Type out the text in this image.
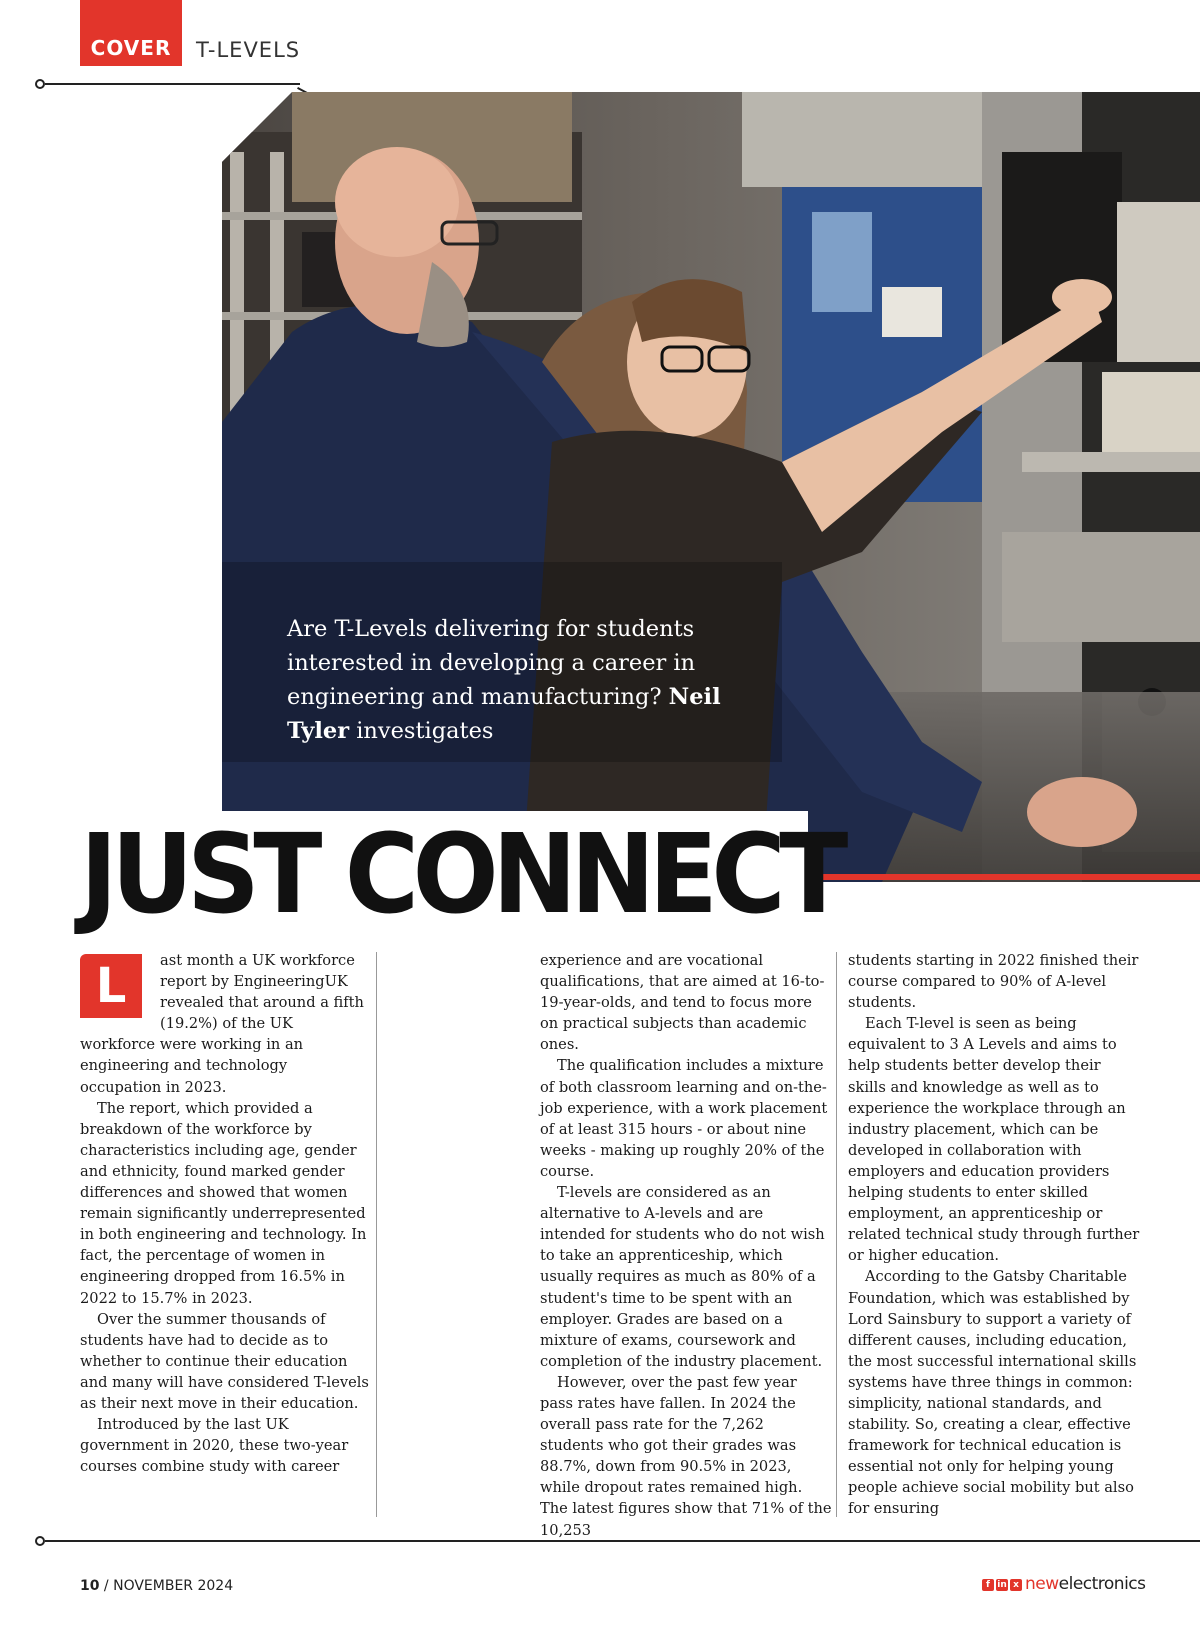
COVER T-LEVELS
Are T-Levels delivering for students interested in developing a career in engineering and manufacturing? Neil Tyler investigates
JUST CONNECT
L	ast month a UK workforce report by EngineeringUK revealed that around a fifth (19.2%) of the UK workforce were working in an engineering and technology occupation in 2023.

The report, which provided a breakdown of the workforce by characteristics including age, gender and ethnicity, found marked gender differences and showed that women remain significantly underrepresented in both engineering and technology. In fact, the percentage of women in engineering dropped from 16.5% in 2022 to 15.7% in 2023.

Over the summer thousands of students have had to decide as to whether to continue their education and many will have considered T-levels as their next move in their education.

Introduced by the last UK government in 2020, these two-year courses combine study with career

experience and are vocational qualifications, that are aimed at 16-to-19-year-olds, and tend to focus more on practical subjects than academic ones.

The qualification includes a mixture of both classroom learning and on-the-job experience, with a work placement of at least 315 hours - or about nine weeks - making up roughly 20% of the course.

T-levels are considered as an alternative to A-levels and are intended for students who do not wish to take an apprenticeship, which usually requires as much as 80% of a student's time to be spent with an employer. Grades are based on a mixture of exams, coursework and completion of the industry placement.

However, over the past few year pass rates have fallen. In 2024 the overall pass rate for the 7,262 students who got their grades was 88.7%, down from 90.5% in 2023, while dropout rates remained high. The latest figures show that 71% of the 10,253

students starting in 2022 finished their course compared to 90% of A-level students.

Each T-level is seen as being equivalent to 3 A Levels and aims to help students better develop their skills and knowledge as well as to experience the workplace through an industry placement, which can be developed in collaboration with employers and education providers helping students to enter skilled employment, an apprenticeship or related technical study through further or higher education.

According to the Gatsby Charitable Foundation, which was established by Lord Sainsbury to support a variety of different causes, including education, the most successful international skills systems have three things in common: simplicity, national standards, and stability. So, creating a clear, effective framework for technical education is essential not only for helping young people achieve social mobility but also for ensuring

10 / NOVEMBER 2024	f in x newelectronics
